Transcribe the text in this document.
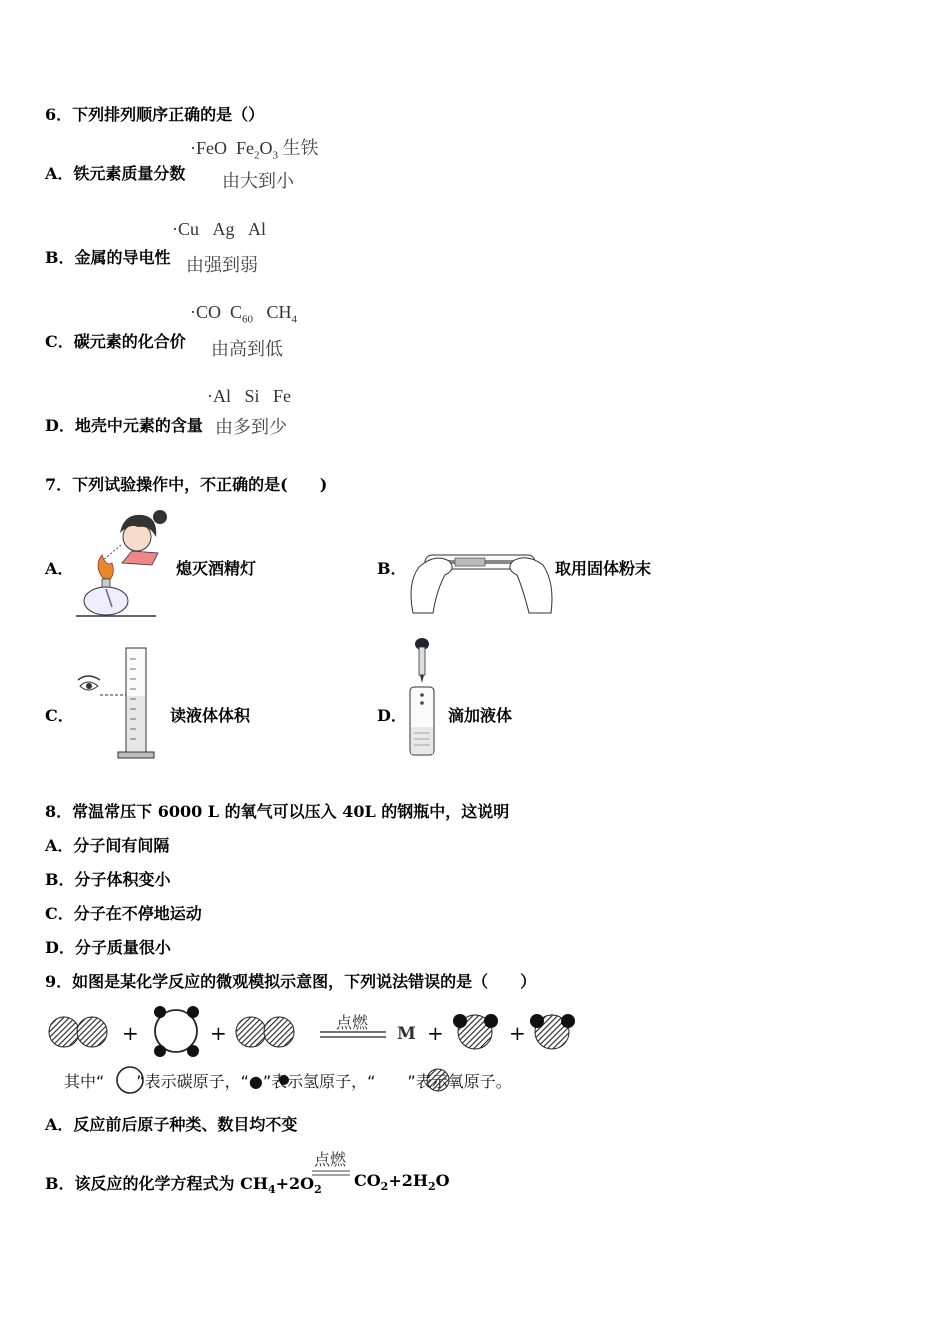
6．下列排列顺序正确的是（）
A．铁元素质量分数
·FeO $Fe_2O_3$ 生铁
由大到小
B．金属的导电性
·Cu Ag Al
由强到弱
C．碳元素的化合价
·CO $C_{60}$ $CH_4$
由高到低
D．地壳中元素的含量
·Al Si Fe
由多到少
7．下列试验操作中，不正确的是(　　)
A．	熄灭酒精灯	B．	取用固体粉末
C．	读液体体积	D．	滴加液体
8．常温常压下 6000 L 的氧气可以压入 40L 的钢瓶中，这说明
A．分子间有间隔
B．分子体积变小
C．分子在不停地运动
D．分子质量很小
9．如图是某化学反应的微观模拟示意图，下列说法错误的是（　　）
+	+	点燃
M +	+
其中“　　”表示碳原子，“●”表示氢原子，“　　”表示氧原子。
A．反应前后原子种类、数目均不变
B．该反应的化学方程式为 $CH_4+2O_2$
点燃
$CO_2+2H_2O$
